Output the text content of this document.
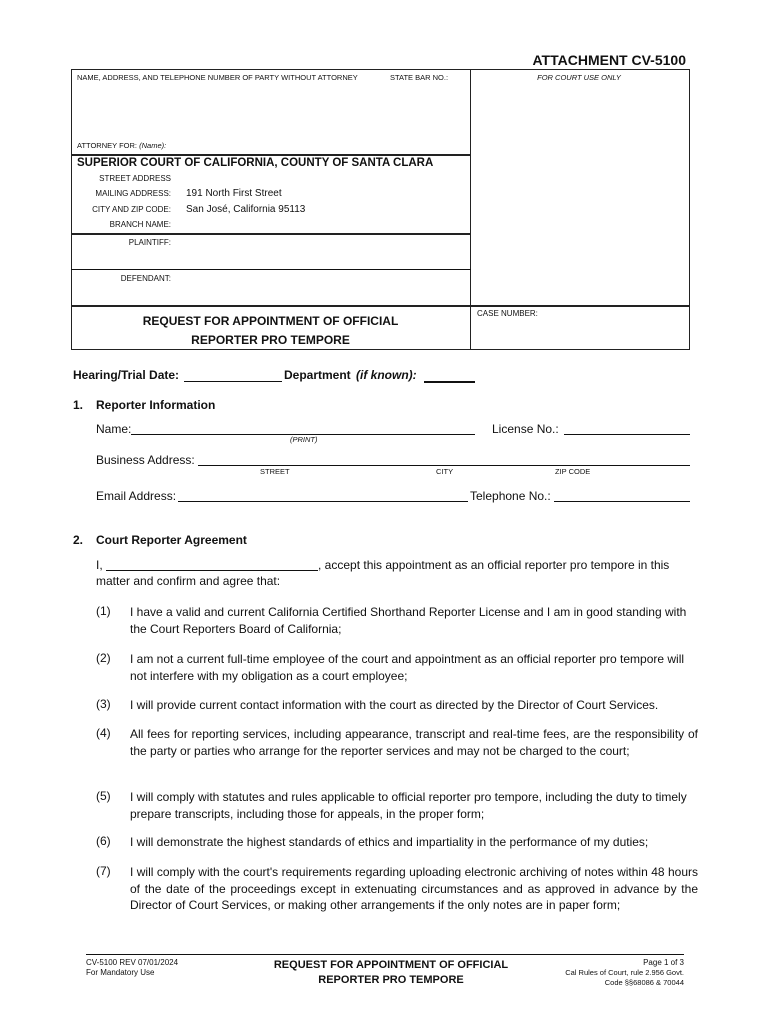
ATTACHMENT CV-5100
NAME, ADDRESS, AND TELEPHONE NUMBER OF PARTY WITHOUT ATTORNEY	STATE BAR NO.:	FOR COURT USE ONLY
ATTORNEY FOR: (Name):
SUPERIOR COURT OF CALIFORNIA, COUNTY OF SANTA CLARA
STREET ADDRESS
MAILING ADDRESS: 191 North First Street
CITY AND ZIP CODE: San José, California 95113
BRANCH NAME:
PLAINTIFF:
DEFENDANT:
REQUEST FOR APPOINTMENT OF OFFICIAL
REPORTER PRO TEMPORE
CASE NUMBER:
Hearing/Trial Date:	Department (if known):
1. Reporter Information
Name:
(PRINT)
License No.:
Business Address:
STREET	CITY	ZIP CODE
Email Address:	Telephone No.:
2. Court Reporter Agreement
I,	, accept this appointment as an official reporter pro tempore in this
matter and confirm and agree that:
(1)	I have a valid and current California Certified Shorthand Reporter License and I am in good standing with the Court Reporters Board of California;
(2)	I am not a current full-time employee of the court and appointment as an official reporter pro tempore will not interfere with my obligation as a court employee;
(3)	I will provide current contact information with the court as directed by the Director of Court Services.
(4)	All fees for reporting services, including appearance, transcript and real-time fees, are the responsibility of the party or parties who arrange for the reporter services and may not be charged to the court;
(5)	I will comply with statutes and rules applicable to official reporter pro tempore, including the duty to timely prepare transcripts, including those for appeals, in the proper form;
(6)	I will demonstrate the highest standards of ethics and impartiality in the performance of my duties;
(7)	I will comply with the court's requirements regarding uploading electronic archiving of notes within 48 hours of the date of the proceedings except in extenuating circumstances and as approved in advance by the Director of Court Services, or making other arrangements if the only notes are in paper form;
CV-5100 REV 07/01/2024
For Mandatory Use
REQUEST FOR APPOINTMENT OF OFFICIAL
REPORTER PRO TEMPORE
Page 1 of 3
Cal Rules of Court, rule 2.956 Govt.
Code §§68086 & 70044
